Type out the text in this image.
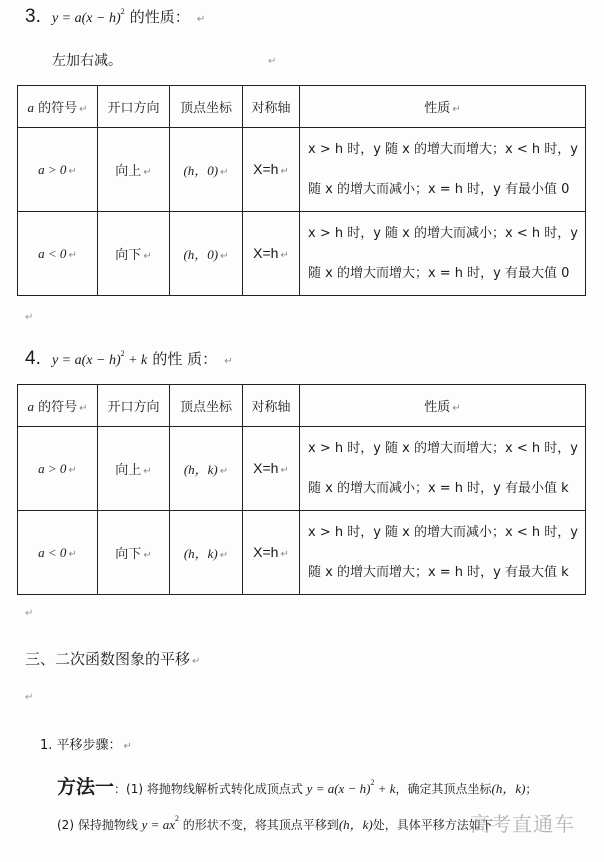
3. $y = a(x - h)^2$ 的性质： ↵
左加右减。	↵
a 的符号 ↵	开口方向	顶点坐标	对称轴	性质 ↵
a > 0 ↵	向上 ↵	(h，0) ↵	X=h ↵	x > h 时，y 随 x 的增大而增大；x < h 时，y
随 x 的增大而减小；x = h 时，y 有最小值 0

a < 0 ↵	向下 ↵	(h，0) ↵	X=h ↵	x > h 时，y 随 x 的增大而减小；x < h 时，y
随 x 的增大而增大；x = h 时，y 有最大值 0
↵
4. $y = a(x - h)^2 + k$ 的性 质： ↵
a 的符号 ↵	开口方向	顶点坐标	对称轴	性质 ↵
a > 0 ↵	向上 ↵	(h，k) ↵	X=h ↵	x > h 时，y 随 x 的增大而增大；x < h 时，y
随 x 的增大而减小；x = h 时，y 有最小值 k

a < 0 ↵	向下 ↵	(h，k) ↵	X=h ↵	x > h 时，y 随 x 的增大而减小；x < h 时，y
随 x 的增大而增大；x = h 时，y 有最大值 k
↵
三、二次函数图象的平移 ↵
↵
1. 平移步骤： ↵
方法一：(1) 将抛物线解析式转化成顶点式 $y = a(x - h)^2 + k$，确定其顶点坐标(h，k)；
(2) 保持抛物线 $y = ax^2$ 的形状不变，将其顶点平移到(h，k)处，具体平移方法如下
高考直通车
